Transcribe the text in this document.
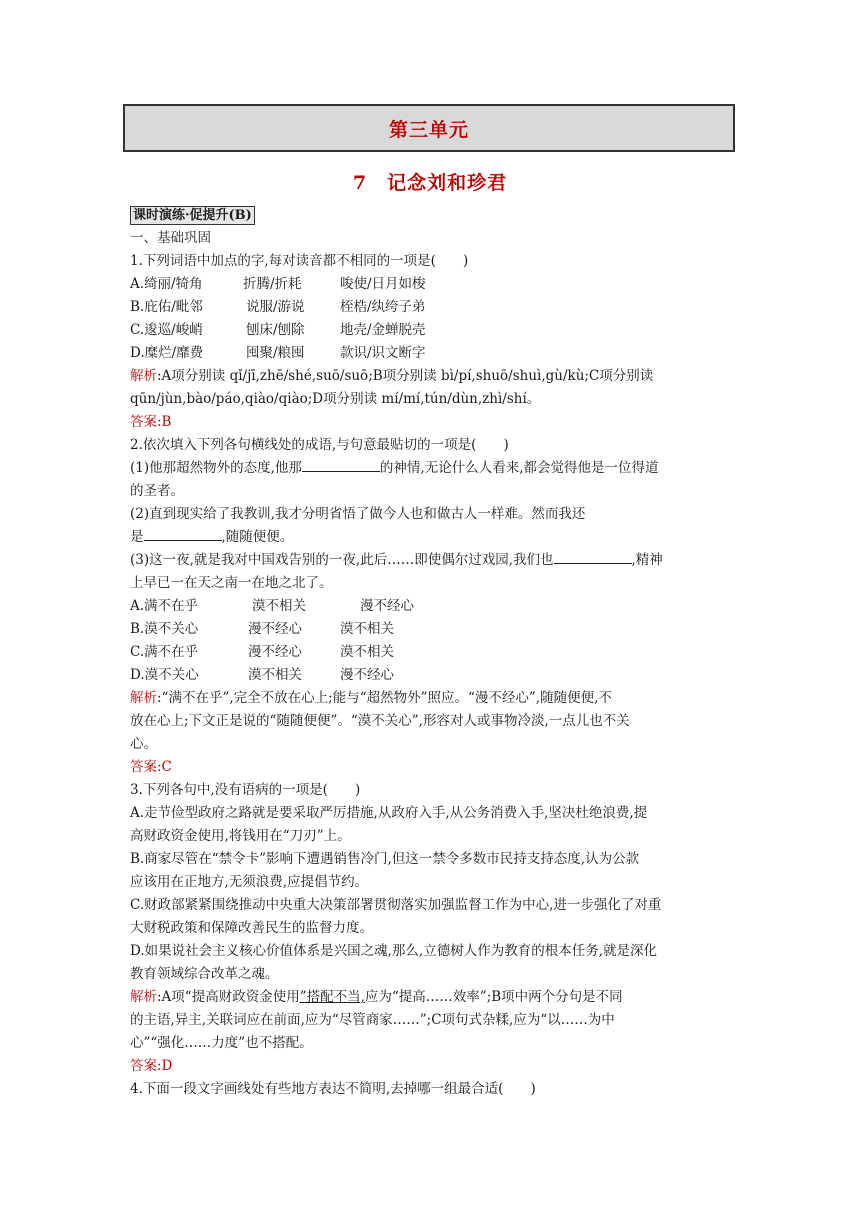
第三单元
7　记念刘和珍君
课时演练·促提升(B)
一、基础巩固
1.下列词语中加点的字,每对读音都不相同的一项是(　　)
A.绮丽/犄角	折腾/折耗	唆使/日月如梭
B.庇佑/毗邻	说服/游说	桎梏/纨绔子弟
C.逡巡/峻峭	刨床/刨除	地壳/金蝉脱壳
D.糜烂/靡费	囤聚/粮囤	款识/识文断字
解析:A项分别读 qǐ/jī,zhē/shé,suō/suō;B项分别读 bì/pí,shuō/shuì,gù/kù;C项分别读
qūn/jùn,bào/páo,qiào/qiào;D项分别读 mí/mí,tún/dùn,zhì/shí。
答案:B
2.依次填入下列各句横线处的成语,与句意最贴切的一项是(　　)
(1)他那超然物外的态度,他那	的神情,无论什么人看来,都会觉得他是一位得道
的圣者。
(2)直到现实给了我教训,我才分明省悟了做今人也和做古人一样难。然而我还
是	,随随便便。
(3)这一夜,就是我对中国戏告别的一夜,此后……即使偶尔过戏园,我们也	,精神
上早已一在天之南一在地之北了。
A.满不在乎	漠不相关	漫不经心
B.漠不关心	漫不经心	漠不相关
C.满不在乎	漫不经心	漠不相关
D.漠不关心	漠不相关	漫不经心
解析:“满不在乎”,完全不放在心上;能与“超然物外”照应。“漫不经心”,随随便便,不
放在心上;下文正是说的“随随便便”。“漠不关心”,形容对人或事物冷淡,一点儿也不关
心。
答案:C
3.下列各句中,没有语病的一项是(　　)
A.走节俭型政府之路就是要采取严厉措施,从政府入手,从公务消费入手,坚决杜绝浪费,提
高财政资金使用,将钱用在“刀刃”上。
B.商家尽管在“禁令卡”影响下遭遇销售冷门,但这一禁令多数市民持支持态度,认为公款
应该用在正地方,无须浪费,应提倡节约。
C.财政部紧紧围绕推动中央重大决策部署贯彻落实加强监督工作为中心,进一步强化了对重
大财税政策和保障改善民生的监督力度。
D.如果说社会主义核心价值体系是兴国之魂,那么,立德树人作为教育的根本任务,就是深化
教育领域综合改革之魂。
解析:A项“提高财政资金使用”搭配不当,应为“提高……效率”;B项中两个分句是不同
的主语,异主,关联词应在前面,应为“尽管商家……”;C项句式杂糅,应为“以……为中
心”“强化……力度”也不搭配。
答案:D
4.下面一段文字画线处有些地方表达不简明,去掉哪一组最合适(　　)
